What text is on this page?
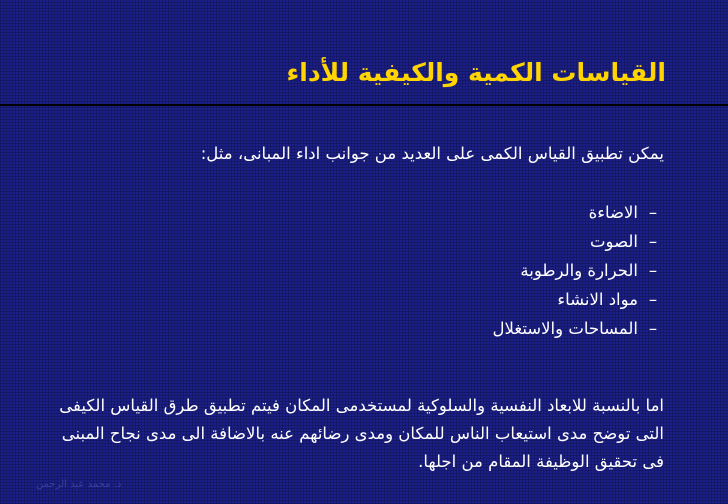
القياسات الكمية والكيفية للأداء
يمكن تطبيق القياس الكمى على العديد من جوانب اداء المبانى، مثل:
–الاضاءة
–الصوت
–الحرارة والرطوبة
–مواد الانشاء
–المساحات والاستغلال
اما بالنسبة للابعاد النفسية والسلوكية لمستخدمى المكان فيتم تطبيق طرق القياس الكيفى التى توضح مدى استيعاب الناس للمكان ومدى رضائهم عنه بالاضافة الى مدى نجاح المبنى فى تحقيق الوظيفة المقام من اجلها.
د. محمد عبد الرحمن
